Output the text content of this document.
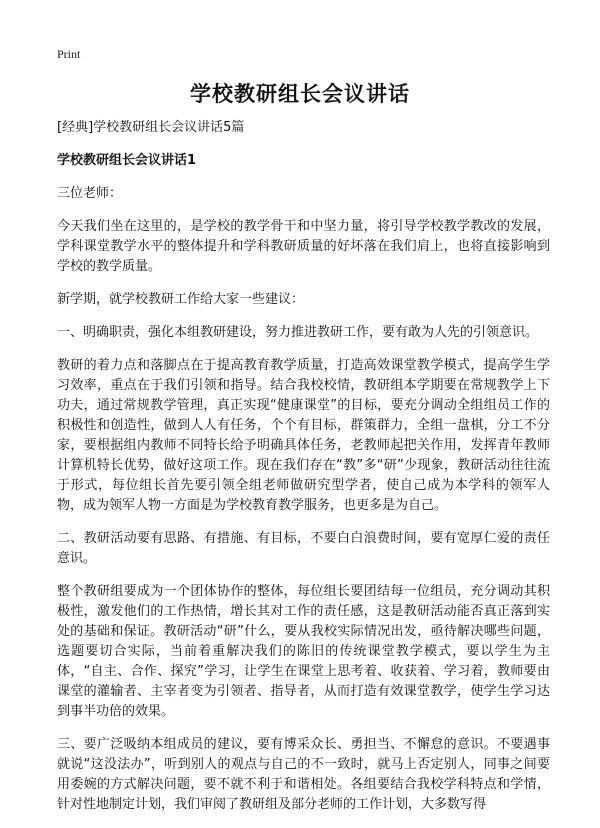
Print
学校教研组长会议讲话

[经典]学校教研组长会议讲话5篇

学校教研组长会议讲话1

三位老师：

今天我们坐在这里的，是学校的教学骨干和中坚力量，将引导学校教学教改的发展，学科课堂教学水平的整体提升和学科教研质量的好坏落在我们肩上，也将直接影响到学校的教学质量。

新学期，就学校教研工作给大家一些建议：

一、明确职责，强化本组教研建设，努力推进教研工作，要有敢为人先的引领意识。

教研的着力点和落脚点在于提高教育教学质量，打造高效课堂教学模式，提高学生学习效率，重点在于我们引领和指导。结合我校校情，教研组本学期要在常规教学上下功夫，通过常规教学管理，真正实现“健康课堂”的目标，要充分调动全组组员工作的积极性和创造性，做到人人有任务，个个有目标，群策群力，全组一盘棋，分工不分家，要根据组内教师不同特长给予明确具体任务，老教师起把关作用，发挥青年教师计算机特长优势，做好这项工作。现在我们存在“教”多“研”少现象，教研活动往往流于形式，每位组长首先要引领全组老师做研究型学者，使自己成为本学科的领军人物，成为领军人物一方面是为学校教育教学服务，也更多是为自己。

二、教研活动要有思路、有措施、有目标，不要白白浪费时间，要有宽厚仁爱的责任意识。

整个教研组要成为一个团体协作的整体，每位组长要团结每一位组员，充分调动其积极性，激发他们的工作热情，增长其对工作的责任感，这是教研活动能否真正落到实处的基础和保证。教研活动“研”什么，要从我校实际情况出发，亟待解决哪些问题，选题要切合实际，当前着重解决我们的陈旧的传统课堂教学模式，要以学生为主体，“自主、合作、探究”学习，让学生在课堂上思考着、收获着、学习着，教师要由课堂的灌输者、主宰者变为引领者、指导者，从而打造有效课堂教学，使学生学习达到事半功倍的效果。

三、要广泛吸纳本组成员的建议，要有博采众长、勇担当、不懈怠的意识。不要遇事就说“这没法办”，听到别人的观点与自己的不一致时，就马上否定别人，同事之间要用委婉的方式解决问题，要不就不利于和谐相处。各组要结合我校学科特点和学情，针对性地制定计划，我们审阅了教研组及部分老师的工作计划，大多数写得
